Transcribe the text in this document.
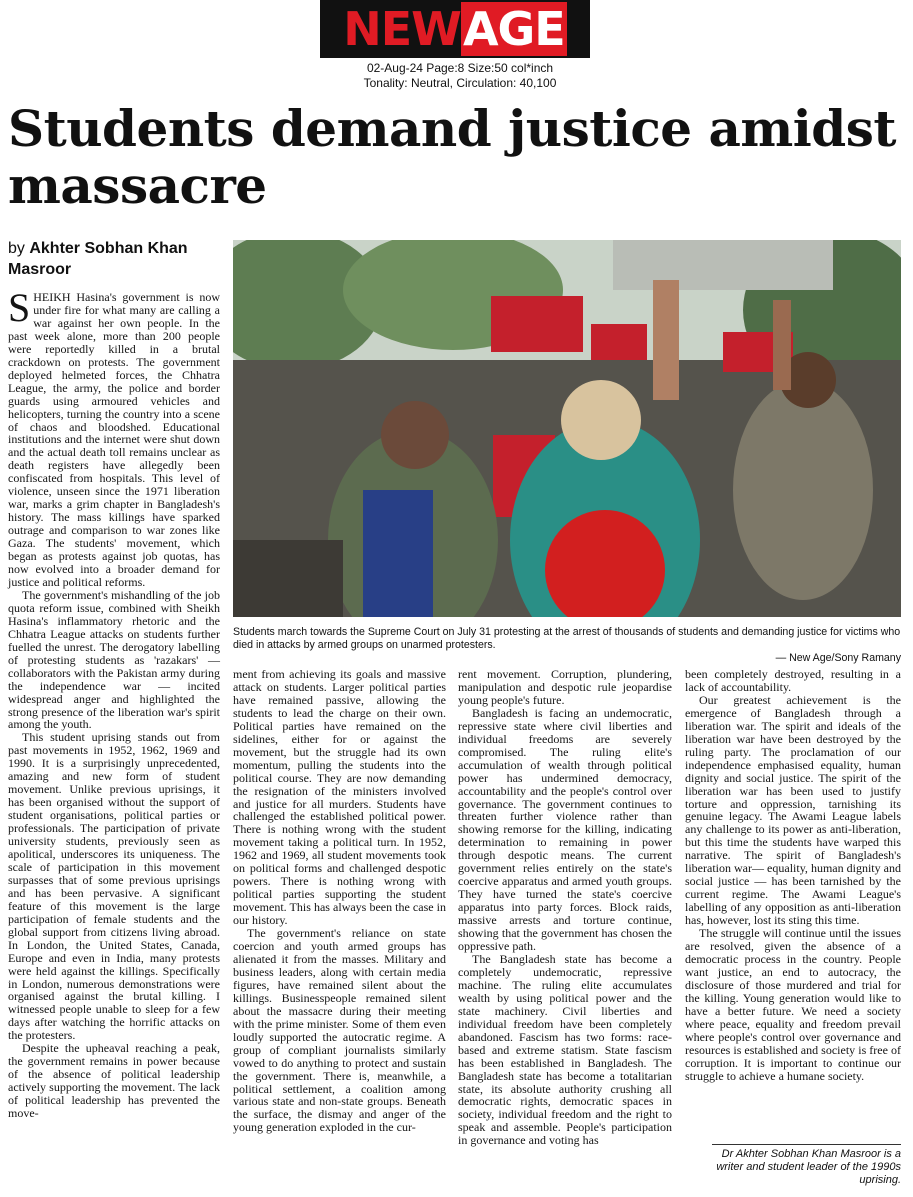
NEWAGE
02-Aug-24 Page:8 Size:50 col*inch
Tonality: Neutral, Circulation: 40,100
Students demand justice amidst massacre
by Akhter Sobhan Khan Masroor
Students march towards the Supreme Court on July 31 protesting at the arrest of thousands of students and demanding justice for victims who died in attacks by armed groups on unarmed protesters.
— New Age/Sony Ramany

SHEIKH Hasina's government is now under fire for what many are calling a war against her own people. In the past week alone, more than 200 people were reportedly killed in a brutal crackdown on protests. The government deployed helmeted forces, the Chhatra League, the army, the police and border guards using armoured vehicles and helicopters, turning the country into a scene of chaos and bloodshed. Educational institutions and the internet were shut down and the actual death toll remains unclear as death registers have allegedly been confiscated from hospitals. This level of violence, unseen since the 1971 liberation war, marks a grim chapter in Bangladesh's history. The mass killings have sparked outrage and comparison to war zones like Gaza. The students' movement, which began as protests against job quotas, has now evolved into a broader demand for justice and political reforms.

The government's mishandling of the job quota reform issue, combined with Sheikh Hasina's inflammatory rhetoric and the Chhatra League attacks on students further fuelled the unrest. The derogatory labelling of protesting students as 'razakars' — collaborators with the Pakistan army during the independence war — incited widespread anger and highlighted the strong presence of the liberation war's spirit among the youth.

This student uprising stands out from past movements in 1952, 1962, 1969 and 1990. It is a surprisingly unprecedented, amazing and new form of student movement. Unlike previous uprisings, it has been organised without the support of student organisations, political parties or professionals. The participation of private university students, previously seen as apolitical, underscores its uniqueness. The scale of participation in this movement surpasses that of some previous uprisings and has been pervasive. A significant feature of this movement is the large participation of female students and the global support from citizens living abroad. In London, the United States, Canada, Europe and even in India, many protests were held against the killings. Specifically in London, numerous demonstrations were organised against the brutal killing. I witnessed people unable to sleep for a few days after watching the horrific attacks on the protesters.

Despite the upheaval reaching a peak, the government remains in power because of the absence of political leadership actively supporting the movement. The lack of political leadership has prevented the move-

ment from achieving its goals and massive attack on students. Larger political parties have remained passive, allowing the students to lead the charge on their own. Political parties have remained on the sidelines, either for or against the movement, but the struggle had its own momentum, pulling the students into the political course. They are now demanding the resignation of the ministers involved and justice for all murders. Students have challenged the established political power. There is nothing wrong with the student movement taking a political turn. In 1952, 1962 and 1969, all student movements took on political forms and challenged despotic powers. There is nothing wrong with political parties supporting the student movement. This has always been the case in our history.

The government's reliance on state coercion and youth armed groups has alienated it from the masses. Military and business leaders, along with certain media figures, have remained silent about the killings. Businesspeople remained silent about the massacre during their meeting with the prime minister. Some of them even loudly supported the autocratic regime. A group of compliant journalists similarly vowed to do anything to protect and sustain the government. There is, meanwhile, a political settlement, a coalition among various state and non-state groups. Beneath the surface, the dismay and anger of the young generation exploded in the cur-

rent movement. Corruption, plundering, manipulation and despotic rule jeopardise young people's future.

Bangladesh is facing an undemocratic, repressive state where civil liberties and individual freedoms are severely compromised. The ruling elite's accumulation of wealth through political power has undermined democracy, accountability and the people's control over governance. The government continues to threaten further violence rather than showing remorse for the killing, indicating determination to remaining in power through despotic means. The current government relies entirely on the state's coercive apparatus and armed youth groups. They have turned the state's coercive apparatus into party forces. Block raids, massive arrests and torture continue, showing that the government has chosen the oppressive path.

The Bangladesh state has become a completely undemocratic, repressive machine. The ruling elite accumulates wealth by using political power and the state machinery. Civil liberties and individual freedom have been completely abandoned. Fascism has two forms: race-based and extreme statism. State fascism has been established in Bangladesh. The Bangladesh state has become a totalitarian state, its absolute authority crushing all democratic rights, democratic spaces in society, individual freedom and the right to speak and assemble. People's participation in governance and voting has

been completely destroyed, resulting in a lack of accountability.

Our greatest achievement is the emergence of Bangladesh through a liberation war. The spirit and ideals of the liberation war have been destroyed by the ruling party. The proclamation of our independence emphasised equality, human dignity and social justice. The spirit of the liberation war has been used to justify torture and oppression, tarnishing its genuine legacy. The Awami League labels any challenge to its power as anti-liberation, but this time the students have warped this narrative. The spirit of Bangladesh's liberation war— equality, human dignity and social justice — has been tarnished by the current regime. The Awami League's labelling of any opposition as anti-liberation has, however, lost its sting this time.

The struggle will continue until the issues are resolved, given the absence of a democratic process in the country. People want justice, an end to autocracy, the disclosure of those murdered and trial for the killing. Young generation would like to have a better future. We need a society where peace, equality and freedom prevail where people's control over governance and resources is established and society is free of corruption. It is important to continue our struggle to achieve a humane society.

Dr Akhter Sobhan Khan Masroor is a writer and student leader of the 1990s uprising.
